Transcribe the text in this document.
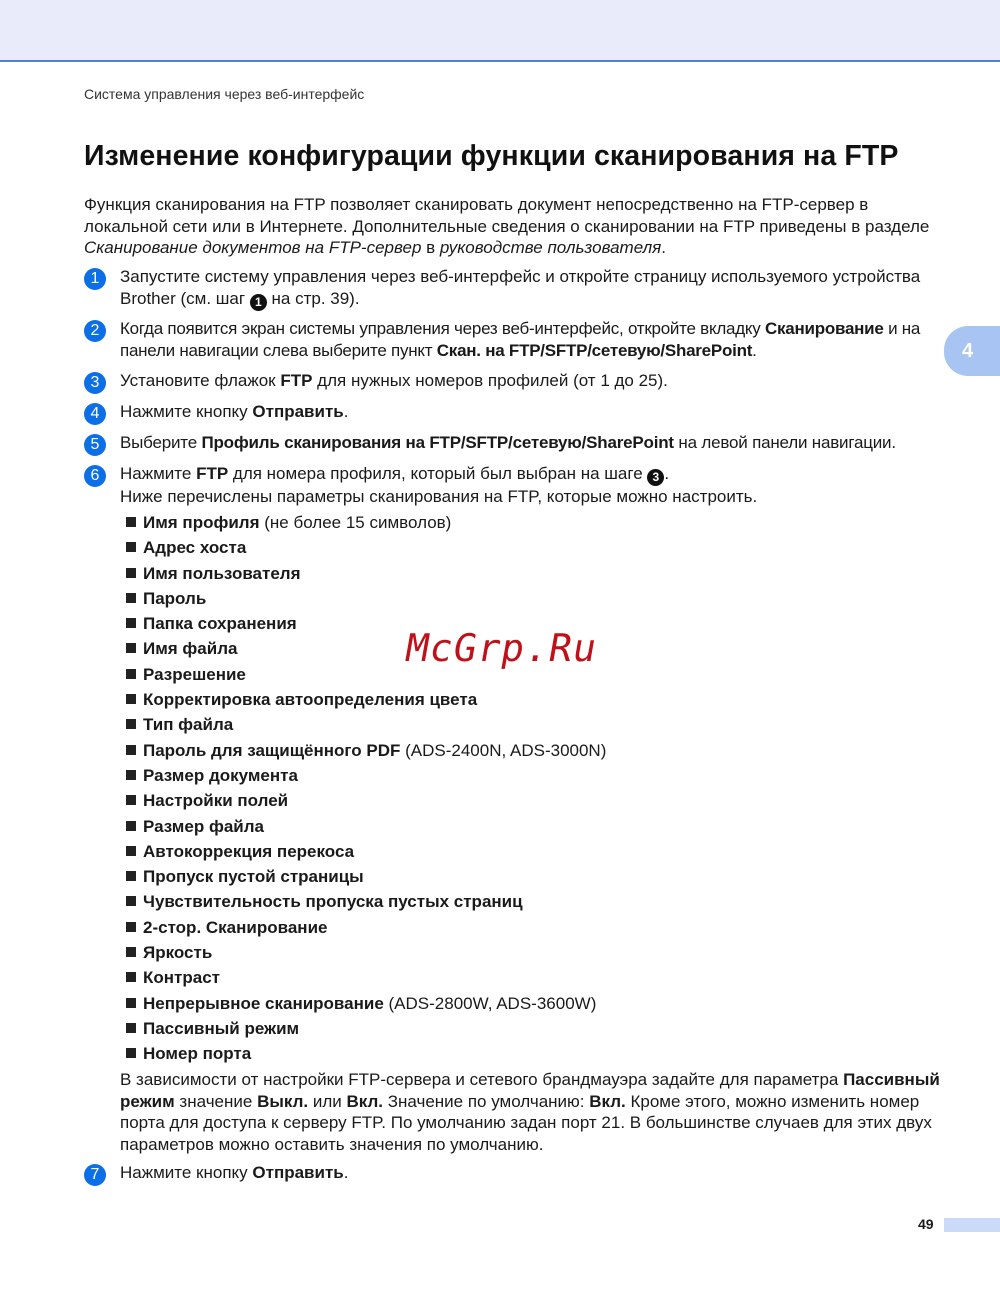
Система управления через веб-интерфейс
Изменение конфигурации функции сканирования на FTP

Функция сканирования на FTP позволяет сканировать документ непосредственно на FTP-сервер в локальной сети или в Интернете. Дополнительные сведения о сканировании на FTP приведены в разделе Сканирование документов на FTP-сервер в руководстве пользователя.

4
1	Запустите систему управления через веб-интерфейс и откройте страницу используемого устройства Brother (см. шаг 1 на стр. 39).
2	Когда появится экран системы управления через веб-интерфейс, откройте вкладку Сканирование и на панели навигации слева выберите пункт Скан. на FTP/SFTP/сетевую/SharePoint.
3	Установите флажок FTP для нужных номеров профилей (от 1 до 25).
4	Нажмите кнопку Отправить.
5	Выберите Профиль сканирования на FTP/SFTP/сетевую/SharePoint на левой панели навигации.
6	Нажмите FTP для номера профиля, который был выбран на шаге 3 .
Ниже перечислены параметры сканирования на FTP, которые можно настроить.
Имя профиля (не более 15 символов)
Адрес хоста
Имя пользователя
Пароль
Папка сохранения
Имя файла
Разрешение
Корректировка автоопределения цвета
Тип файла
Пароль для защищённого PDF (ADS-2400N, ADS-3000N)
Размер документа
Настройки полей
Размер файла
Автокоррекция перекоса
Пропуск пустой страницы
Чувствительность пропуска пустых страниц
2-стор. Сканирование
Яркость
Контраст
Непрерывное сканирование (ADS-2800W, ADS-3600W)
Пассивный режим
Номер порта

В зависимости от настройки FTP-сервера и сетевого брандмауэра задайте для параметра Пассивный режим значение Выкл. или Вкл. Значение по умолчанию: Вкл. Кроме этого, можно изменить номер порта для доступа к серверу FTP. По умолчанию задан порт 21. В большинстве случаев для этих двух параметров можно оставить значения по умолчанию.

7	Нажмите кнопку Отправить.
McGrp.Ru
49
